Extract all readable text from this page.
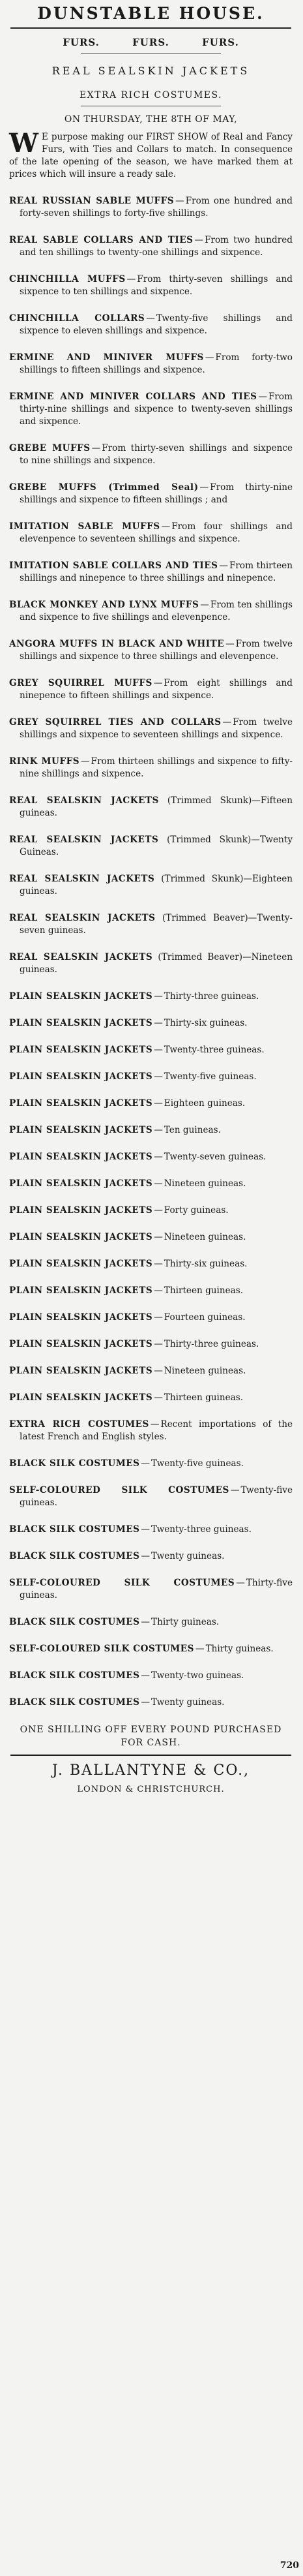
DUNSTABLE HOUSE.
FURS.	FURS.	FURS.
REAL SEALSKIN JACKETS
EXTRA RICH COSTUMES.
ON THURSDAY, THE 8TH OF MAY,

W E purpose making our FIRST SHOW of Real and Fancy Furs, with Ties and Collars to match. In consequence of the late opening of the season, we have marked them at prices which will insure a ready sale.

REAL RUSSIAN SABLE MUFFS — From one hundred and forty-seven shillings to forty-five shillings.

REAL SABLE COLLARS AND TIES — From two hundred and ten shillings to twenty-one shillings and sixpence.

CHINCHILLA MUFFS — From thirty-seven shillings and sixpence to ten shillings and sixpence.

CHINCHILLA COLLARS — Twenty-five shillings and sixpence to eleven shillings and sixpence.

ERMINE AND MINIVER MUFFS — From forty-two shillings to fifteen shillings and sixpence.

ERMINE AND MINIVER COLLARS AND TIES — From thirty-nine shillings and sixpence to twenty-seven shillings and sixpence.

GREBE MUFFS — From thirty-seven shillings and sixpence to nine shillings and sixpence.

GREBE MUFFS (Trimmed Seal) — From thirty-nine shillings and sixpence to fifteen shillings ; and

IMITATION SABLE MUFFS — From four shillings and elevenpence to seventeen shillings and sixpence.

IMITATION SABLE COLLARS AND TIES — From thirteen shillings and ninepence to three shillings and ninepence.

BLACK MONKEY AND LYNX MUFFS — From ten shillings and sixpence to five shillings and elevenpence.

ANGORA MUFFS IN BLACK AND WHITE — From twelve shillings and sixpence to three shillings and elevenpence.

GREY SQUIRREL MUFFS — From eight shillings and ninepence to fifteen shillings and sixpence.

GREY SQUIRREL TIES AND COLLARS — From twelve shillings and sixpence to seventeen shillings and sixpence.

RINK MUFFS — From thirteen shillings and sixpence to fifty-nine shillings and sixpence.

REAL SEALSKIN JACKETS (Trimmed Skunk)—Fifteen guineas.

REAL SEALSKIN JACKETS (Trimmed Skunk)—Twenty Guineas.

REAL SEALSKIN JACKETS (Trimmed Skunk)—Eighteen guineas.

REAL SEALSKIN JACKETS (Trimmed Beaver)—Twenty-seven guineas.

REAL SEALSKIN JACKETS (Trimmed Beaver)—Nineteen guineas.

PLAIN SEALSKIN JACKETS — Thirty-three guineas.

PLAIN SEALSKIN JACKETS — Thirty-six guineas.

PLAIN SEALSKIN JACKETS — Twenty-three guineas.

PLAIN SEALSKIN JACKETS — Twenty-five guineas.

PLAIN SEALSKIN JACKETS — Eighteen guineas.

PLAIN SEALSKIN JACKETS — Ten guineas.

PLAIN SEALSKIN JACKETS — Twenty-seven guineas.

PLAIN SEALSKIN JACKETS — Nineteen guineas.

PLAIN SEALSKIN JACKETS — Forty guineas.

PLAIN SEALSKIN JACKETS — Nineteen guineas.

PLAIN SEALSKIN JACKETS — Thirty-six guineas.

PLAIN SEALSKIN JACKETS — Thirteen guineas.

PLAIN SEALSKIN JACKETS — Fourteen guineas.

PLAIN SEALSKIN JACKETS — Thirty-three guineas.

PLAIN SEALSKIN JACKETS — Nineteen guineas.

PLAIN SEALSKIN JACKETS — Thirteen guineas.

EXTRA RICH COSTUMES — Recent importations of the latest French and English styles.

BLACK SILK COSTUMES — Twenty-five guineas.

SELF-COLOURED SILK COSTUMES — Twenty-five guineas.

BLACK SILK COSTUMES — Twenty-three guineas.

BLACK SILK COSTUMES — Twenty guineas.

SELF-COLOURED SILK COSTUMES — Thirty-five guineas.

BLACK SILK COSTUMES — Thirty guineas.

SELF-COLOURED SILK COSTUMES — Thirty guineas.

BLACK SILK COSTUMES — Twenty-two guineas.

BLACK SILK COSTUMES — Twenty guineas.

ONE SHILLING OFF EVERY POUND PURCHASED FOR CASH.
J. BALLANTYNE & CO.,
LONDON & CHRISTCHURCH.
720
